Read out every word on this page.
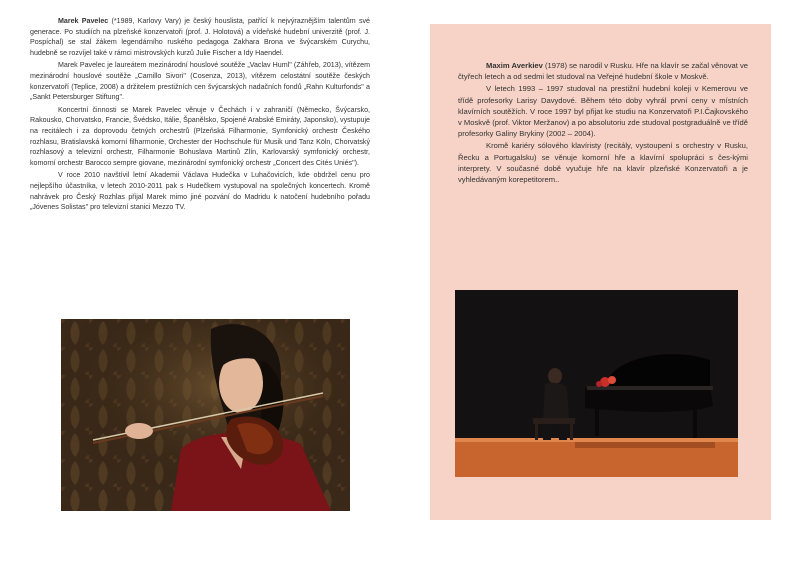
Marek Pavelec (*1989, Karlovy Vary) je český houslista, patřící k nejvýraznějším talentům své generace. Po studiích na plzeňské konzervatoři (prof. J. Holotová) a vídeňské hudební univerzitě (prof. J. Pospíchal) se stal žákem legendárního ruského pedagoga Zakhara Brona ve švýcarském Curychu, hudebně se rozvíjel také v rámci mistrovských kurzů Julie Fischer a Idy Haendel.

Marek Pavelec je laureátem mezinárodní houslové soutěže „Vaclav Huml" (Záhřeb, 2013), vítězem mezinárodní houslové soutěže „Camillo Sivori" (Cosenza, 2013), vítězem celostátní soutěže českých konzervatoří (Teplice, 2008) a držitelem prestižních cen švýcarských nadačních fondů „Rahn Kulturfonds" a „Sankt Petersburger Stiftung".

Koncertní činnosti se Marek Pavelec věnuje v Čechách i v zahraničí (Německo, Švýcarsko, Rakousko, Chorvatsko, Francie, Švédsko, Itálie, Španělsko, Spojené Arabské Emiráty, Japonsko), vystupuje na recitálech i za doprovodu četných orchestrů (Plzeňská Filharmonie, Symfonický orchestr Českého rozhlasu, Bratislavská komorní filharmonie, Orchester der Hochschule für Musik und Tanz Köln, Chorvatský rozhlasový a televizní orchestr, Filharmonie Bohuslava Martinů Zlín, Karlovarský symfonický orchestr, komorní orchestr Barocco sempre giovane, mezinárodní symfonický orchestr „Concert des Cités Uniés").

V roce 2010 navštívil letní Akademii Václava Hudečka v Luhačovicích, kde obdržel cenu pro nejlepšího účastníka, v letech 2010-2011 pak s Hudečkem vystupoval na společných koncertech. Kromě nahrávek pro Český Rozhlas přijal Marek mimo jiné pozvání do Madridu k natočení hudebního pořadu „Jóvenes Solistas" pro televizní stanici Mezzo TV.

Maxim Averkiev (1978) se narodil v Rusku. Hře na klavír se začal věnovat ve čtyřech letech a od sedmi let studoval na Veřejné hudební škole v Moskvě.

V letech 1993 – 1997 studoval na prestižní hudební koleji v Kemerovu ve třídě profesorky Larisy Davydové. Během této doby vyhrál první ceny v místních klavírních soutěžích. V roce 1997 byl přijat ke studiu na Konzervatoři P.I.Čajkovského v Moskvě (prof. Viktor Meržanov) a po absolutoriu zde studoval postgraduálně ve třídě profesorky Galiny Brykiny (2002 – 2004).

Kromě kariéry sólového klavíristy (recitály, vystoupení s orchestry v Rusku, Řecku a Portugalsku) se věnuje komorní hře a klavírní spolupráci s čes-kými interprety. V současné době vyučuje hře na klavír plzeňské Konzervatoři a je vyhledávaným korepetitorem..
